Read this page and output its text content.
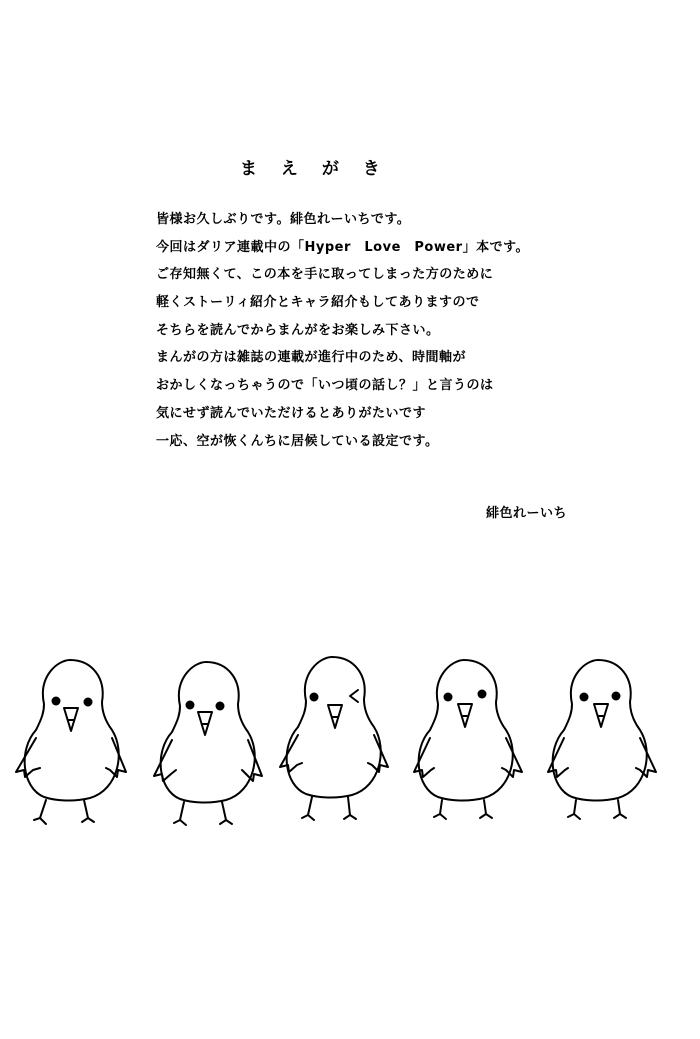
ま え が き
皆様お久しぶりです。緋色れーいちです。
今回はダリア連載中の「Hyper　Love　Power」本です。
ご存知無くて、この本を手に取ってしまった方のために
軽くストーリィ紹介とキャラ紹介もしてありますので
そちらを読んでからまんがをお楽しみ下さい。
まんがの方は雑誌の連載が進行中のため、時間軸が
おかしくなっちゃうので「いつ頃の話し？」と言うのは
気にせず読んでいただけるとありがたいです
一応、空が恢くんちに居候している設定です。
緋色れーいち
